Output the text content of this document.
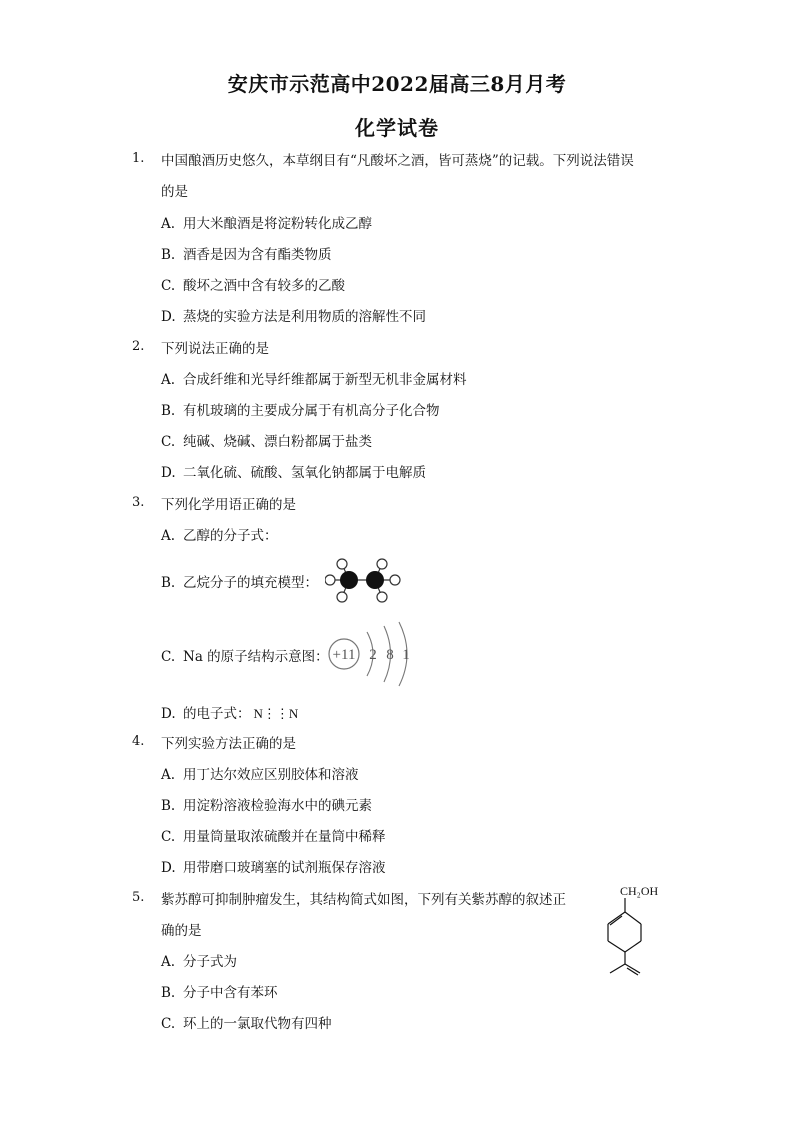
安庆市示范高中2022届高三8月月考
化学试卷
1. 中国酿酒历史悠久，本草纲目有“凡酸坏之酒，皆可蒸烧”的记载。下列说法错误
的是
A. 用大米酿酒是将淀粉转化成乙醇
B. 酒香是因为含有酯类物质
C. 酸坏之酒中含有较多的乙酸
D. 蒸烧的实验方法是利用物质的溶解性不同
2. 下列说法正确的是
A. 合成纤维和光导纤维都属于新型无机非金属材料
B. 有机玻璃的主要成分属于有机高分子化合物
C. 纯碱、烧碱、漂白粉都属于盐类
D. 二氧化硫、硫酸、氢氧化钠都属于电解质
3. 下列化学用语正确的是
A. 乙醇的分子式：
B. 乙烷分子的填充模型：
C. Na 的原子结构示意图： +11 2 8 1
D. 的电子式： N⋮⋮N
4. 下列实验方法正确的是
A. 用丁达尔效应区别胶体和溶液
B. 用淀粉溶液检验海水中的碘元素
C. 用量筒量取浓硫酸并在量筒中稀释
D. 用带磨口玻璃塞的试剂瓶保存溶液
5. 紫苏醇可抑制肿瘤发生，其结构简式如图，下列有关紫苏醇的叙述正
确的是
A. 分子式为
B. 分子中含有苯环
C. 环上的一氯取代物有四种
CH₂OH
